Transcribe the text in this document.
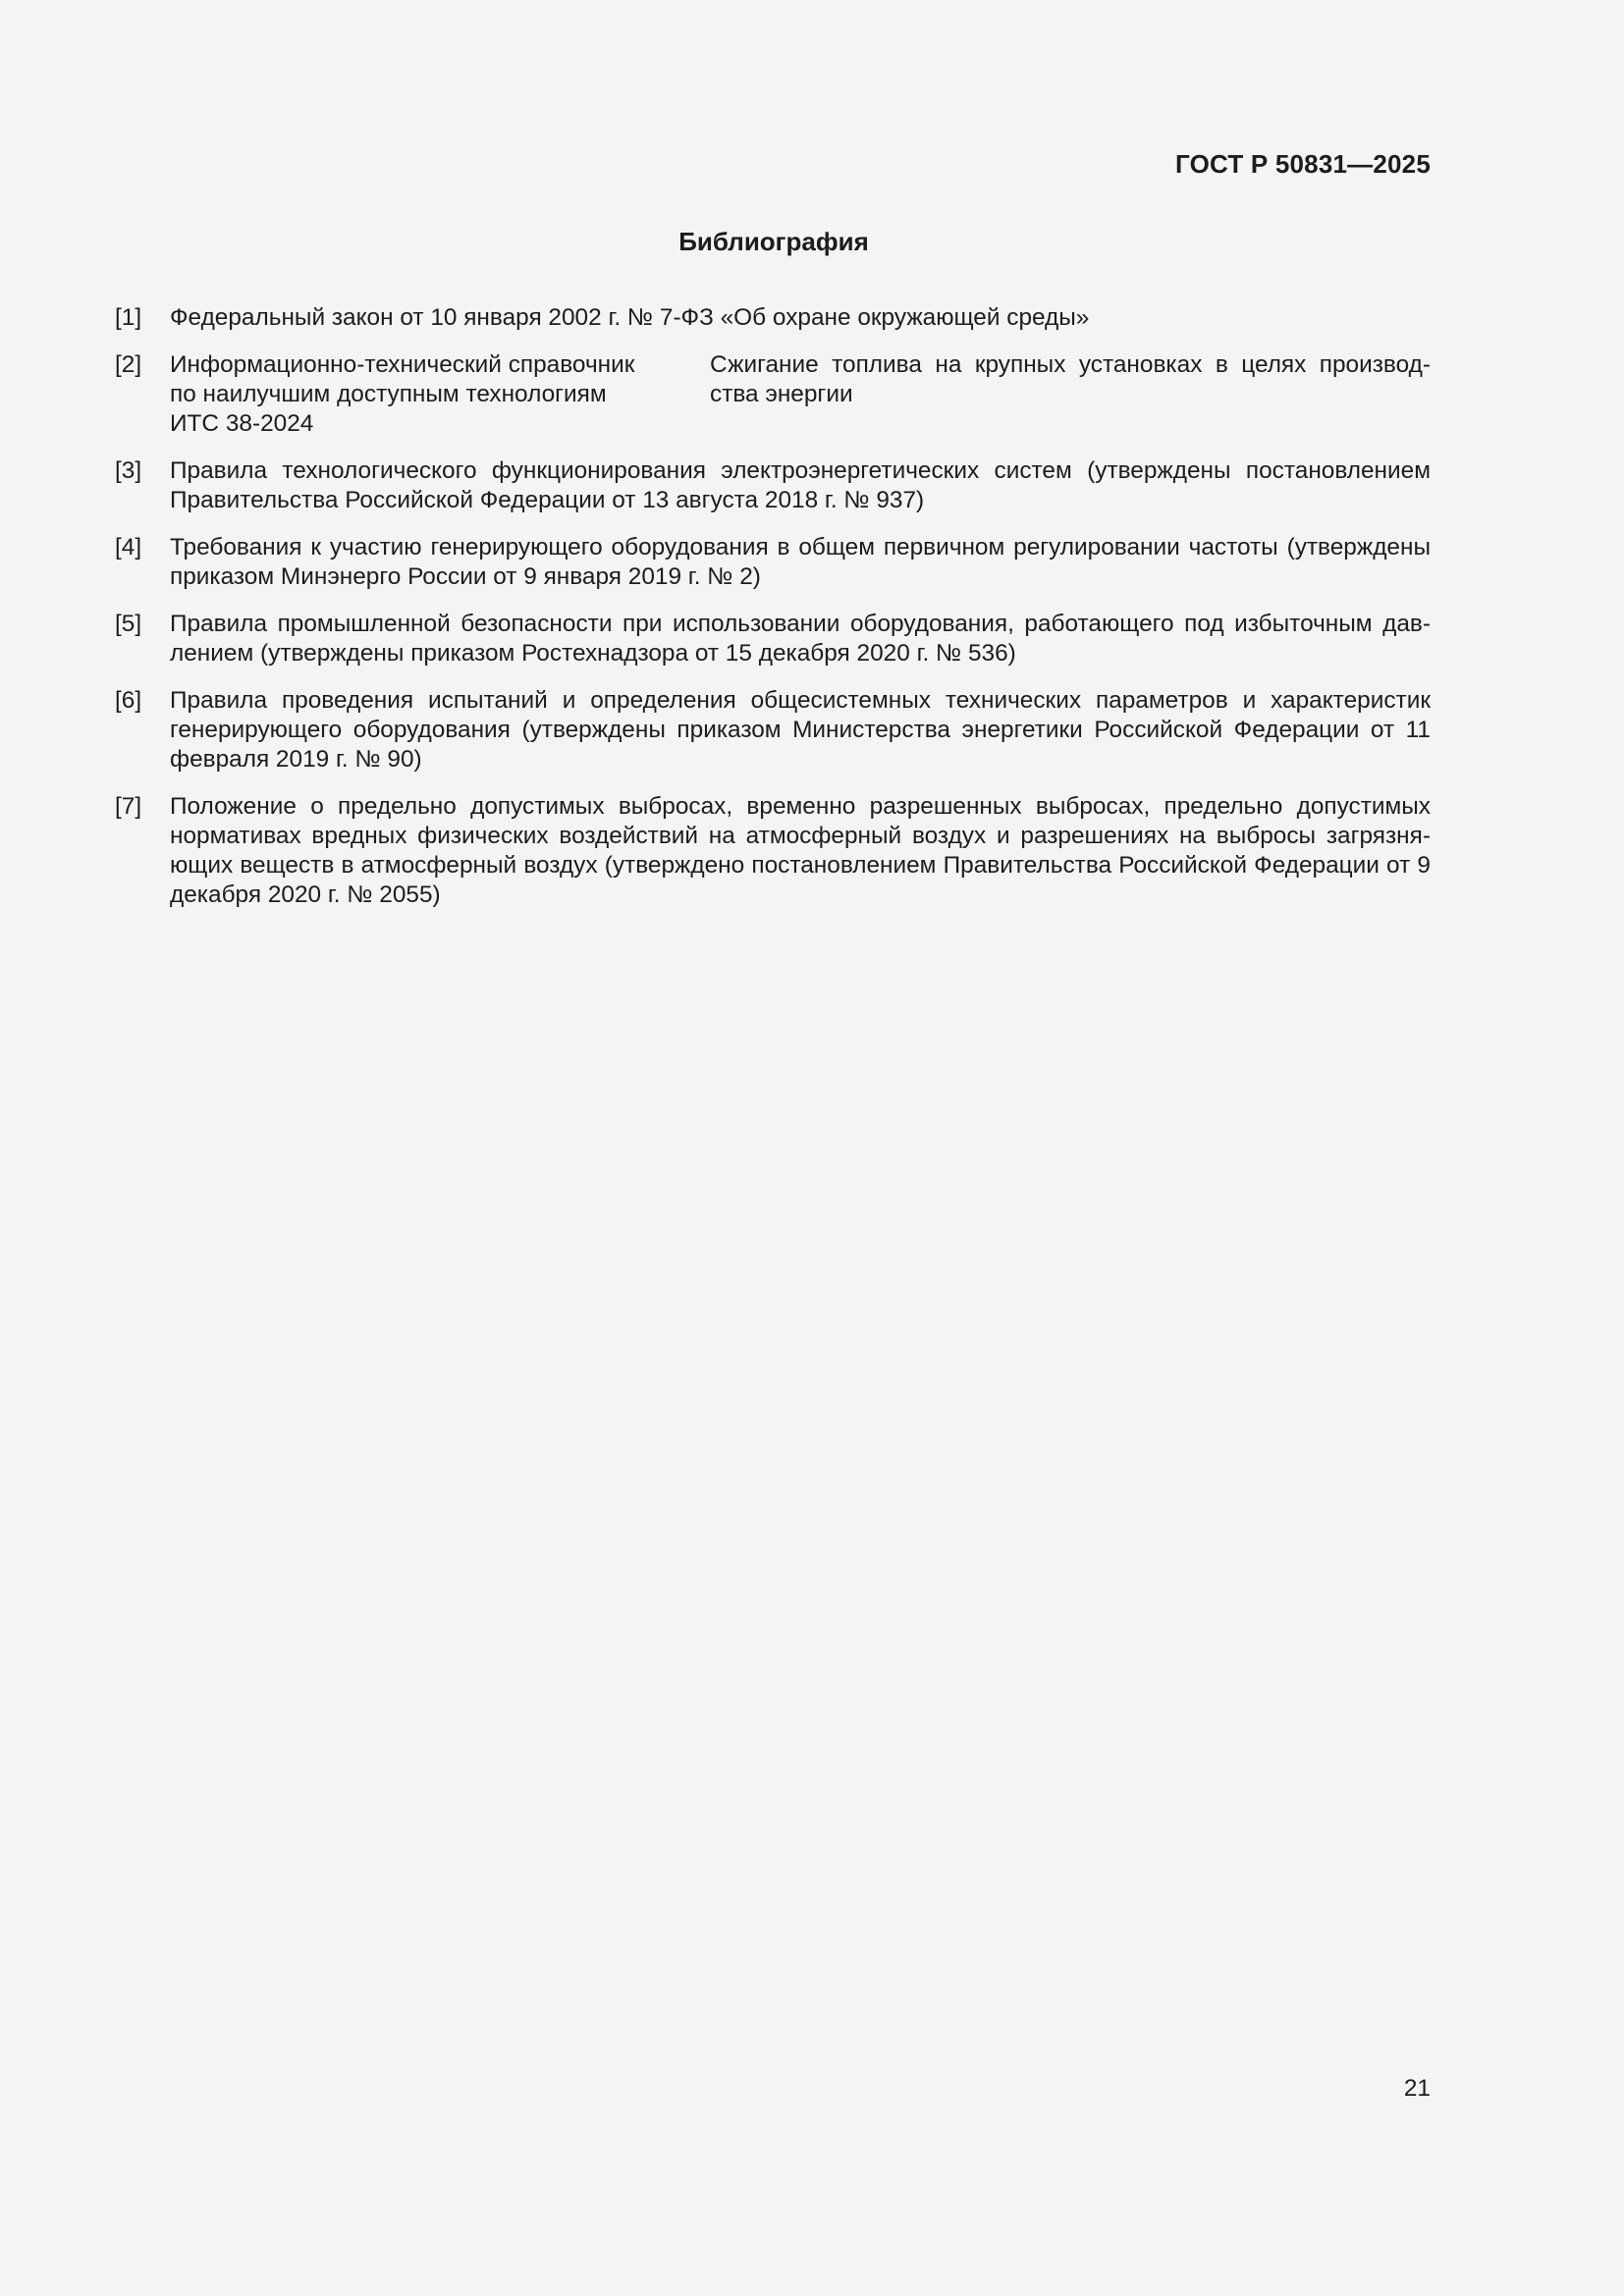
ГОСТ Р 50831—2025
Библиография
[1] Федеральный закон от 10 января 2002 г. № 7-ФЗ «Об охране окружающей среды»
[2] Информационно-технический справочник
по наилучшим доступным технологиям
ИТС 38-2024
Сжигание топлива на крупных установках в целях производ-ства энергии
[3] Правила технологического функционирования электроэнергетических систем (утверждены постановлением Правительства Российской Федерации от 13 августа 2018 г. № 937)
[4] Требования к участию генерирующего оборудования в общем первичном регулировании частоты (утверждены приказом Минэнерго России от 9 января 2019 г. № 2)
[5] Правила промышленной безопасности при использовании оборудования, работающего под избыточным дав-лением (утверждены приказом Ростехнадзора от 15 декабря 2020 г. № 536)
[6] Правила проведения испытаний и определения общесистемных технических параметров и характеристик генерирующего оборудования (утверждены приказом Министерства энергетики Российской Федерации от 11 февраля 2019 г. № 90)
[7] Положение о предельно допустимых выбросах, временно разрешенных выбросах, предельно допустимых нормативах вредных физических воздействий на атмосферный воздух и разрешениях на выбросы загрязня-ющих веществ в атмосферный воздух (утверждено постановлением Правительства Российской Федерации от 9 декабря 2020 г. № 2055)
21
